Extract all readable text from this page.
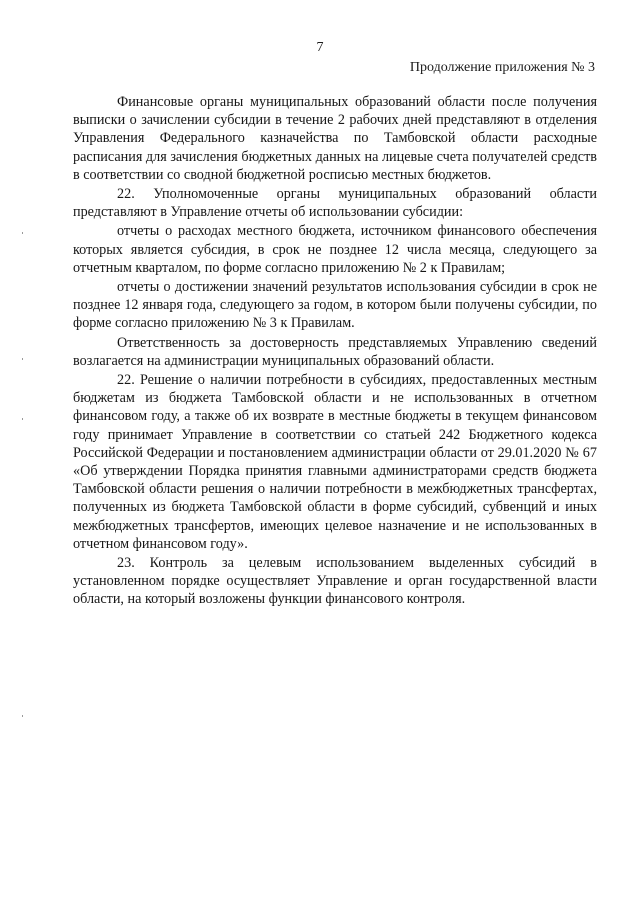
7
Продолжение приложения № 3

Финансовые органы муниципальных образований области после получения выписки о зачислении субсидии в течение 2 рабочих дней представляют в отделения Управления Федерального казначейства по Тамбовской области расходные расписания для зачисления бюджетных данных на лицевые счета получателей средств в соответствии со сводной бюджетной росписью местных бюджетов.

22. Уполномоченные органы муниципальных образований области представляют в Управление отчеты об использовании субсидии:

отчеты о расходах местного бюджета, источником финансового обеспечения которых является субсидия, в срок не позднее 12 числа месяца, следующего за отчетным кварталом, по форме согласно приложению № 2 к Правилам;

отчеты о достижении значений результатов использования субсидии в срок не позднее 12 января года, следующего за годом, в котором были получены субсидии, по форме согласно приложению № 3 к Правилам.

Ответственность за достоверность представляемых Управлению сведений возлагается на администрации муниципальных образований области.

22. Решение о наличии потребности в субсидиях, предоставленных местным бюджетам из бюджета Тамбовской области и не использованных в отчетном финансовом году, а также об их возврате в местные бюджеты в текущем финансовом году принимает Управление в соответствии со статьей 242 Бюджетного кодекса Российской Федерации и постановлением администрации области от 29.01.2020 № 67 «Об утверждении Порядка принятия главными администраторами средств бюджета Тамбовской области решения о наличии потребности в межбюджетных трансфертах, полученных из бюджета Тамбовской области в форме субсидий, субвенций и иных межбюджетных трансфертов, имеющих целевое назначение и не использованных в отчетном финансовом году».

23. Контроль за целевым использованием выделенных субсидий в установленном порядке осуществляет Управление и орган государственной власти области, на который возложены функции финансового контроля.
